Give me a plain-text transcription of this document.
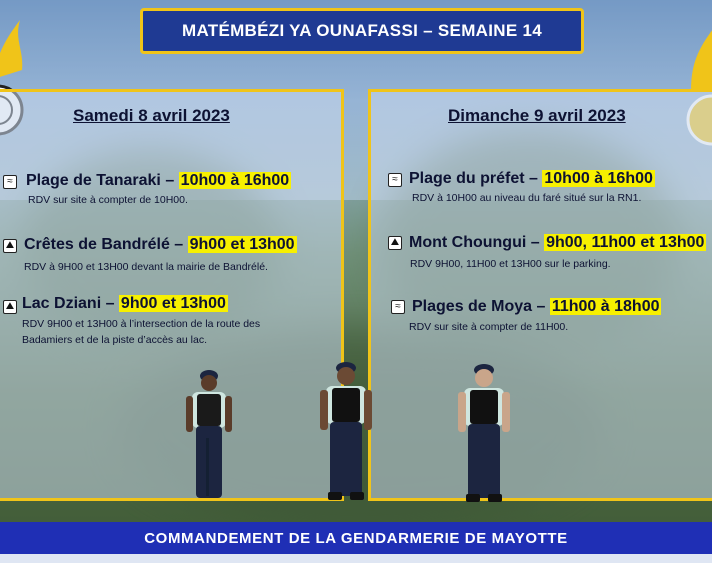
MATÉMBÉZI YA OUNAFASSI – SEMAINE 14
Samedi 8 avril 2023
≈ Plage de Tanaraki – 10h00 à 16h00
RDV sur site à compter de 10H00.
⛰ Crêtes de Bandrélé – 9h00 et 13h00
RDV à 9H00 et 13H00 devant la mairie de Bandrélé.
⛰ Lac Dziani – 9h00 et 13h00
RDV 9H00 et 13H00 à l’intersection de la route des
Badamiers et de la piste d’accès au lac.
Dimanche 9 avril 2023
≈ Plage du préfet – 10h00 à 16h00
RDV à 10H00 au niveau du faré situé sur la RN1.
⛰ Mont Choungui – 9h00, 11h00 et 13h00
RDV 9H00, 11H00 et 13H00 sur le parking.
≈ Plages de Moya – 11h00 à 18h00
RDV sur site à compter de 11H00.
COMMANDEMENT DE LA GENDARMERIE DE MAYOTTE
